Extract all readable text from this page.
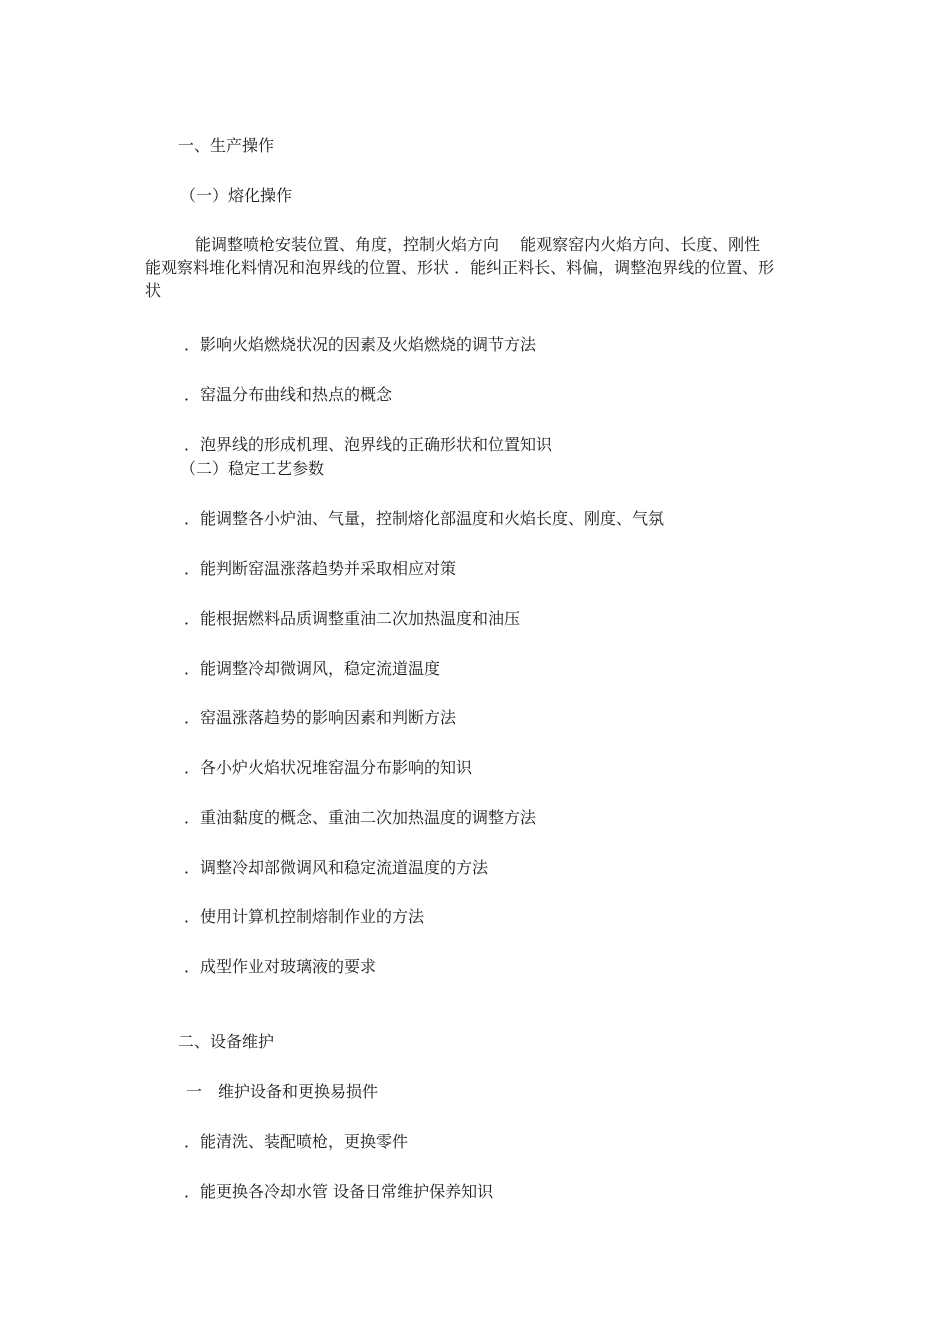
一、生产操作
（一）熔化操作
能调整喷枪安装位置、角度，控制火焰方向　 能观察窑内火焰方向、长度、刚性
能观察料堆化料情况和泡界线的位置、形状 ．能纠正料长、料偏，调整泡界线的位置、形
状
．影响火焰燃烧状况的因素及火焰燃烧的调节方法
．窑温分布曲线和热点的概念
．泡界线的形成机理、泡界线的正确形状和位置知识
（二）稳定工艺参数
．能调整各小炉油、气量，控制熔化部温度和火焰长度、刚度、气氛
．能判断窑温涨落趋势并采取相应对策
．能根据燃料品质调整重油二次加热温度和油压
．能调整冷却微调风，稳定流道温度
．窑温涨落趋势的影响因素和判断方法
．各小炉火焰状况堆窑温分布影响的知识
．重油黏度的概念、重油二次加热温度的调整方法
．调整冷却部微调风和稳定流道温度的方法
．使用计算机控制熔制作业的方法
．成型作业对玻璃液的要求
二、设备维护
一　维护设备和更换易损件
．能清洗、装配喷枪，更换零件
．能更换各冷却水管 设备日常维护保养知识
